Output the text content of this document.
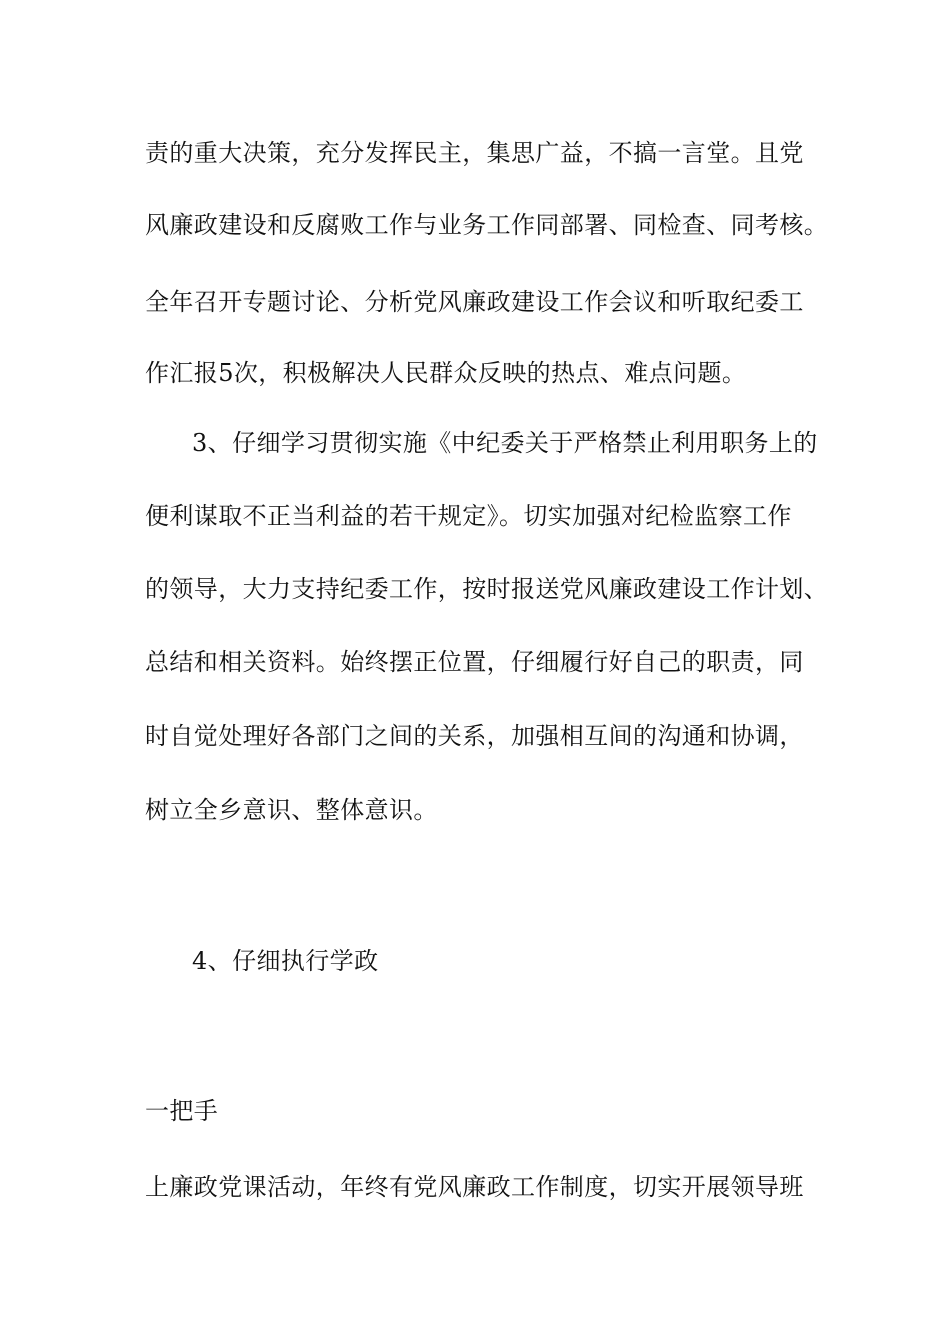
责的重大决策，充分发挥民主，集思广益，不搞一言堂。且党
风廉政建设和反腐败工作与业务工作同部署、同检查、同考核。
全年召开专题讨论、分析党风廉政建设工作会议和听取纪委工
作汇报5次，积极解决人民群众反映的热点、难点问题。
3、仔细学习贯彻实施《中纪委关于严格禁止利用职务上的
便利谋取不正当利益的若干规定》。切实加强对纪检监察工作
的领导，大力支持纪委工作，按时报送党风廉政建设工作计划、
总结和相关资料。始终摆正位置，仔细履行好自己的职责，同
时自觉处理好各部门之间的关系，加强相互间的沟通和协调，
树立全乡意识、整体意识。
4、仔细执行学政
一把手
上廉政党课活动，年终有党风廉政工作制度，切实开展领导班
